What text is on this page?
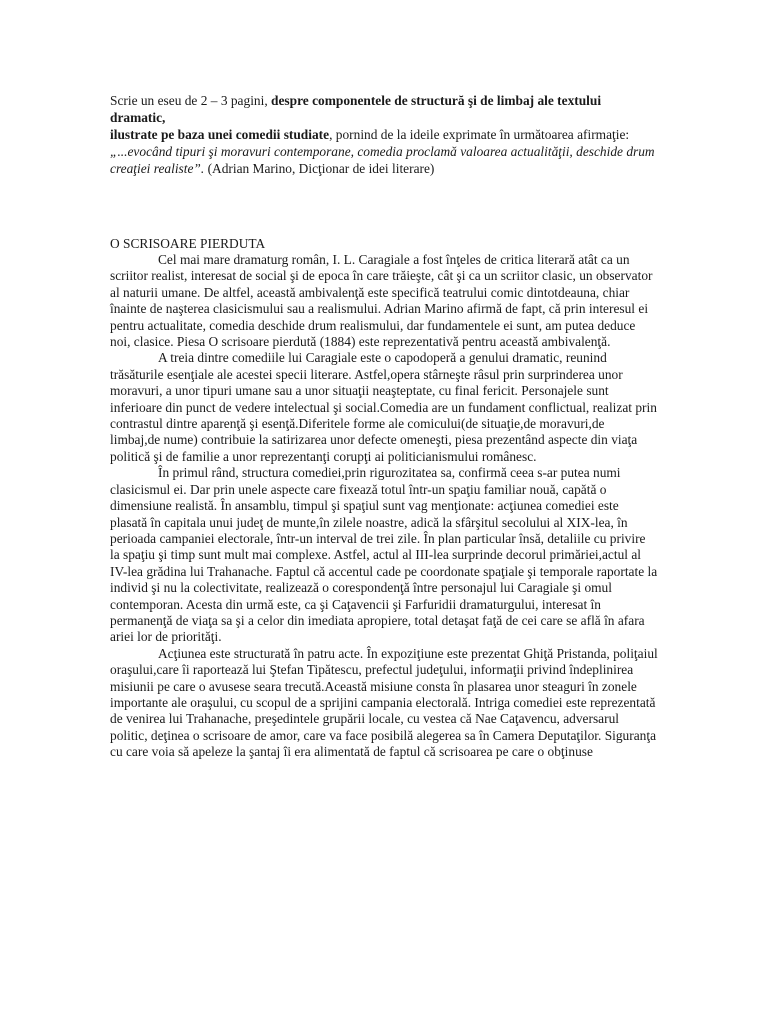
Scrie un eseu de 2 – 3 pagini, despre componentele de structură şi de limbaj ale textului dramatic,
ilustrate pe baza unei comedii studiate, pornind de la ideile exprimate în următoarea afirmaţie:
„...evocând tipuri şi moravuri contemporane, comedia proclamă valoarea actualităţii, deschide drum creaţiei realiste”. (Adrian Marino, Dicţionar de idei literare)

O SCRISOARE PIERDUTA

Cel mai mare dramaturg român, I. L. Caragiale a fost înţeles de critica literară atât ca un scriitor realist, interesat de social şi de epoca în care trăieşte, cât şi ca un scriitor clasic, un observator al naturii umane. De altfel, această ambivalenţă este specifică teatrului comic dintotdeauna, chiar înainte de naşterea clasicismului sau a realismului. Adrian Marino afirmă de fapt, că prin interesul ei pentru actualitate, comedia deschide drum realismului, dar fundamentele ei sunt, am putea deduce noi, clasice. Piesa O scrisoare pierdută (1884) este reprezentativă pentru această ambivalenţă.

A treia dintre comediile lui Caragiale este o capodoperă a genului dramatic, reunind trăsăturile esenţiale ale acestei specii literare. Astfel,opera stârneşte râsul prin surprinderea unor moravuri, a unor tipuri umane sau a unor situaţii neaşteptate, cu final fericit. Personajele sunt inferioare din punct de vedere intelectual şi social.Comedia are un fundament conflictual, realizat prin contrastul dintre aparenţă şi esenţă.Diferitele forme ale comicului(de situaţie,de moravuri,de limbaj,de nume) contribuie la satirizarea unor defecte omeneşti, piesa prezentând aspecte din viaţa politică şi de familie a unor reprezentanţi corupţi ai politicianismului românesc.

În primul rând, structura comediei,prin rigurozitatea sa, confirmă ceea s-ar putea numi clasicismul ei. Dar prin unele aspecte care fixează totul într-un spaţiu familiar nouă, capătă o dimensiune realistă. În ansamblu, timpul şi spaţiul sunt vag menţionate: acţiunea comediei este plasată în capitala unui judeţ de munte,în zilele noastre, adică la sfârşitul secolului al XIX-lea, în perioada campaniei electorale, într-un interval de trei zile. În plan particular însă, detaliile cu privire la spaţiu şi timp sunt mult mai complexe. Astfel, actul al III-lea surprinde decorul primăriei,actul al IV-lea grădina lui Trahanache. Faptul că accentul cade pe coordonate spaţiale şi temporale raportate la individ şi nu la colectivitate, realizează o corespondenţă între personajul lui Caragiale şi omul contemporan. Acesta din urmă este, ca şi Caţavencii şi Farfuridii dramaturgului, interesat în permanenţă de viaţa sa şi a celor din imediata apropiere, total detaşat faţă de cei care se află în afara ariei lor de priorităţi.

Acţiunea este structurată în patru acte. În expoziţiune este prezentat Ghiţă Pristanda, poliţaiul oraşului,care îi raportează lui Ştefan Tipătescu, prefectul judeţului, informaţii privind îndeplinirea misiunii pe care o avusese seara trecută.Această misiune consta în plasarea unor steaguri în zonele importante ale oraşului, cu scopul de a sprijini campania electorală. Intriga comediei este reprezentată de venirea lui Trahanache, preşedintele grupării locale, cu vestea că Nae Caţavencu, adversarul politic, deţinea o scrisoare de amor, care va face posibilă alegerea sa în Camera Deputaţilor. Siguranţa cu care voia să apeleze la şantaj îi era alimentată de faptul că scrisoarea pe care o obţinuse
